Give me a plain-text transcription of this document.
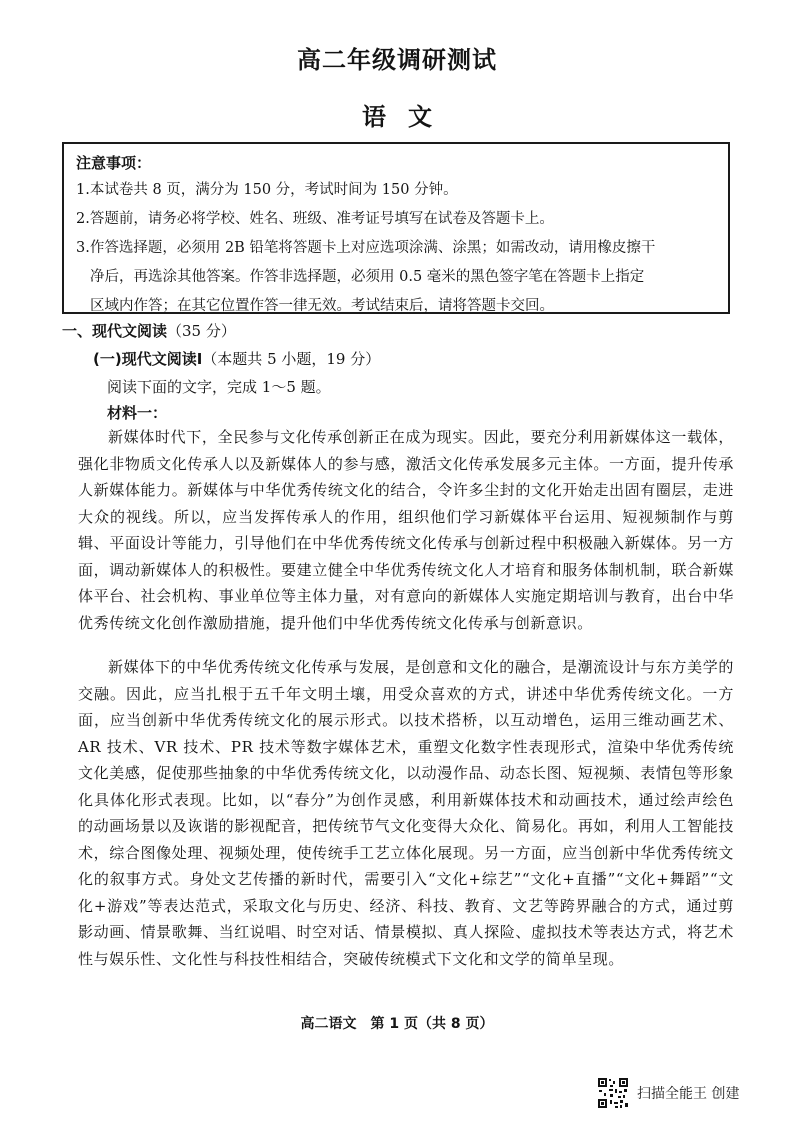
高二年级调研测试
语文
注意事项：
1.本试卷共 8 页，满分为 150 分，考试时间为 150 分钟。
2.答题前，请务必将学校、姓名、班级、准考证号填写在试卷及答题卡上。
3.作答选择题，必须用 2B 铅笔将答题卡上对应选项涂满、涂黑；如需改动，请用橡皮擦干
净后，再选涂其他答案。作答非选择题，必须用 0.5 毫米的黑色签字笔在答题卡上指定
区域内作答；在其它位置作答一律无效。考试结束后，请将答题卡交回。
一、现代文阅读（35 分）
(一)现代文阅读Ⅰ（本题共 5 小题，19 分）
阅读下面的文字，完成 1～5 题。
材料一：
新媒体时代下，全民参与文化传承创新正在成为现实。因此，要充分利用新媒体这一载体，强化非物质文化传承人以及新媒体人的参与感，激活文化传承发展多元主体。一方面，提升传承人新媒体能力。新媒体与中华优秀传统文化的结合，令许多尘封的文化开始走出固有圈层，走进大众的视线。所以，应当发挥传承人的作用，组织他们学习新媒体平台运用、短视频制作与剪辑、平面设计等能力，引导他们在中华优秀传统文化传承与创新过程中积极融入新媒体。另一方面，调动新媒体人的积极性。要建立健全中华优秀传统文化人才培育和服务体制机制，联合新媒体平台、社会机构、事业单位等主体力量，对有意向的新媒体人实施定期培训与教育，出台中华优秀传统文化创作激励措施，提升他们中华优秀传统文化传承与创新意识。
新媒体下的中华优秀传统文化传承与发展，是创意和文化的融合，是潮流设计与东方美学的交融。因此，应当扎根于五千年文明土壤，用受众喜欢的方式，讲述中华优秀传统文化。一方面，应当创新中华优秀传统文化的展示形式。以技术搭桥，以互动增色，运用三维动画艺术、AR 技术、VR 技术、PR 技术等数字媒体艺术，重塑文化数字性表现形式，渲染中华优秀传统文化美感，促使那些抽象的中华优秀传统文化，以动漫作品、动态长图、短视频、表情包等形象化具体化形式表现。比如，以“春分”为创作灵感，利用新媒体技术和动画技术，通过绘声绘色的动画场景以及诙谐的影视配音，把传统节气文化变得大众化、简易化。再如，利用人工智能技术，综合图像处理、视频处理，使传统手工艺立体化展现。另一方面，应当创新中华优秀传统文化的叙事方式。身处文艺传播的新时代，需要引入“文化+综艺”“文化+直播”“文化+舞蹈”“文化+游戏”等表达范式，采取文化与历史、经济、科技、教育、文艺等跨界融合的方式，通过剪影动画、情景歌舞、当红说唱、时空对话、情景模拟、真人探险、虚拟技术等表达方式，将艺术性与娱乐性、文化性与科技性相结合，突破传统模式下文化和文学的简单呈现。
高二语文　第 1 页（共 8 页）
扫描全能王 创建
